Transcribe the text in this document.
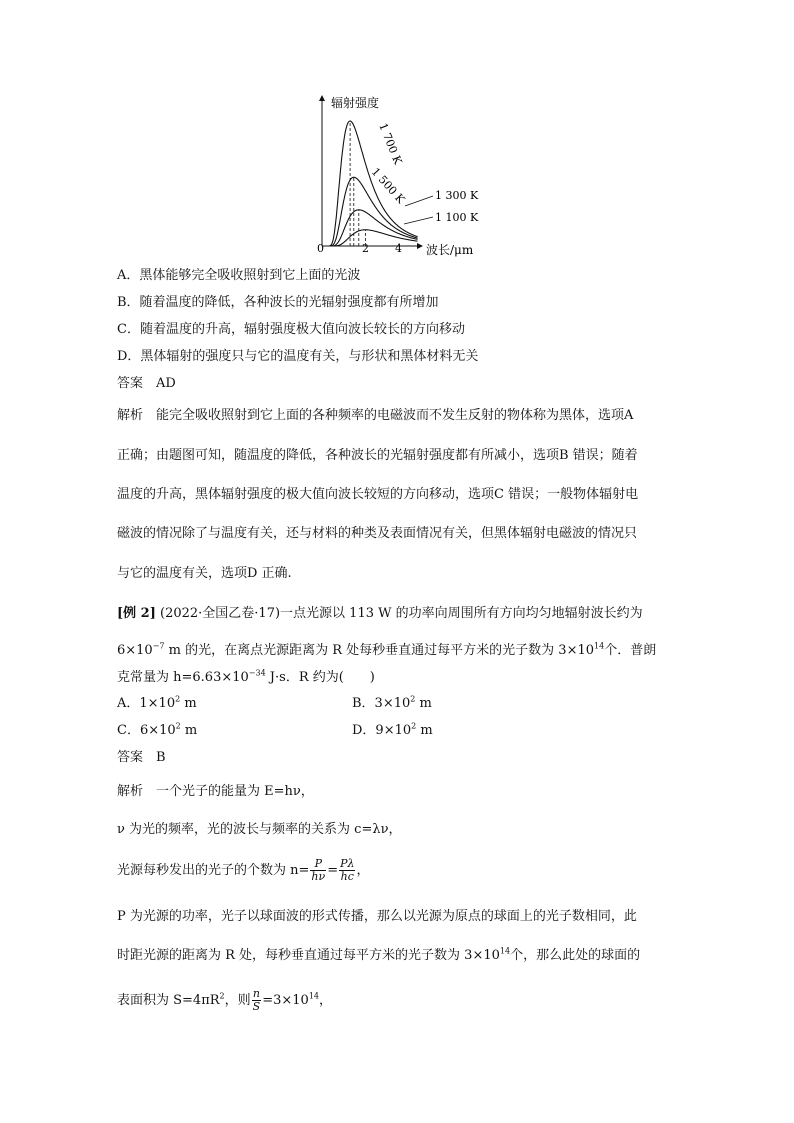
辐射强度
波长/μm
0	2 4
1 700 K
1 500 K	1 300 K
1 100 K
A．黑体能够完全吸收照射到它上面的光波
B．随着温度的降低，各种波长的光辐射强度都有所增加
C．随着温度的升高，辐射强度极大值向波长较长的方向移动
D．黑体辐射的强度只与它的温度有关，与形状和黑体材料无关
答案　AD
解析　能完全吸收照射到它上面的各种频率的电磁波而不发生反射的物体称为黑体，选项A
正确；由题图可知，随温度的降低，各种波长的光辐射强度都有所减小，选项B 错误；随着
温度的升高，黑体辐射强度的极大值向波长较短的方向移动，选项C 错误；一般物体辐射电
磁波的情况除了与温度有关，还与材料的种类及表面情况有关，但黑体辐射电磁波的情况只
与它的温度有关，选项D 正确.
[例 2] (2022·全国乙卷·17)一点光源以 113 W 的功率向周围所有方向均匀地辐射波长约为
$6\times 10^{-7}$ m 的光，在离点光源距离为 R 处每秒垂直通过每平方米的光子数为 $3\times 10^{14}$个．普朗
克常量为 $h=6.63\times 10^{-34}$ J·s．R 约为(　　)
A．$1\times 10^2$ m	B．$3\times 10^2$ m
C．$6\times 10^2$ m	D．$9\times 10^2$ m
答案　B
解析　一个光子的能量为 E=hν，
ν 为光的频率，光的波长与频率的关系为 c=λν，
光源每秒发出的光子的个数为 $n= \frac{P}{h\nu} = \frac{P\lambda}{hc}$ ，
P 为光源的功率，光子以球面波的形式传播，那么以光源为原点的球面上的光子数相同，此
时距光源的距离为 R 处，每秒垂直通过每平方米的光子数为 $3\times 10^{14}$个，那么此处的球面的
表面积为 $S=4\pi R^2$，则 $\frac{n}{S} =3\times 10^{14}$，
